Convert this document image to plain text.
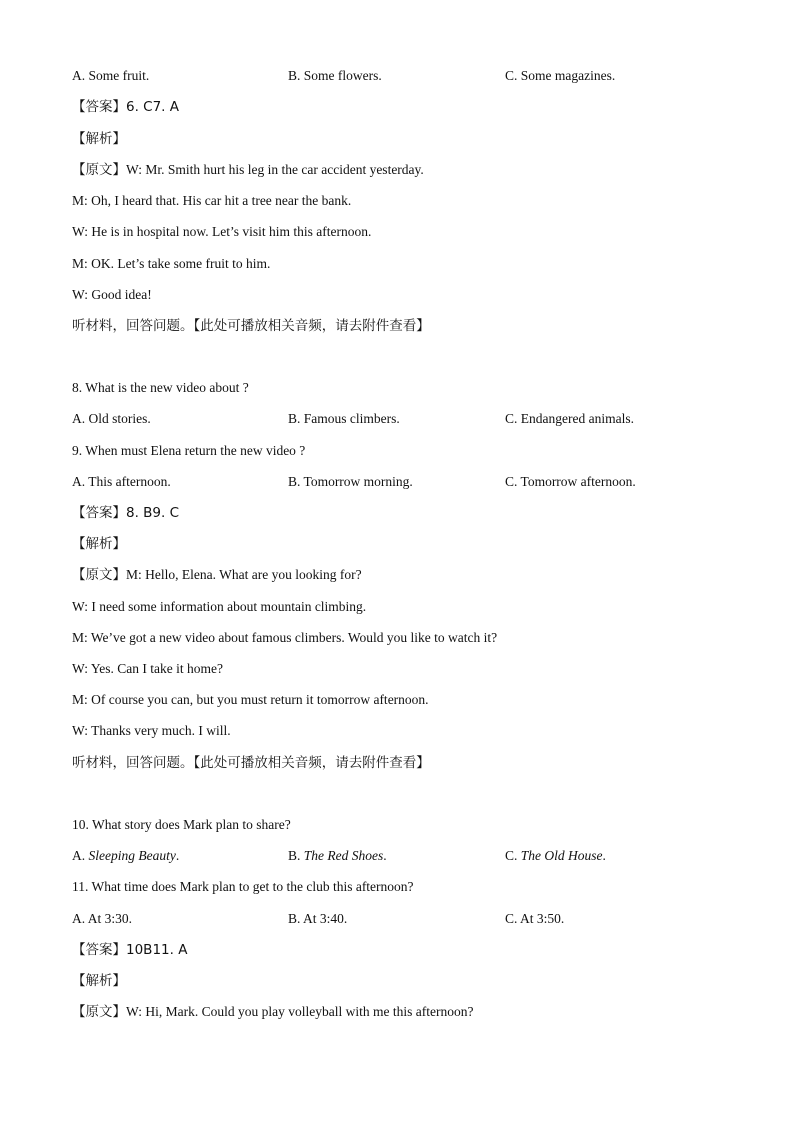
A. Some fruit.	B. Some flowers.	C. Some magazines.
【答案】6. C7. A
【解析】
【原文】W: Mr. Smith hurt his leg in the car accident yesterday.
M: Oh, I heard that. His car hit a tree near the bank.
W: He is in hospital now. Let’s visit him this afternoon.
M: OK. Let’s take some fruit to him.
W: Good idea!
听材料，回答问题。【此处可播放相关音频，请去附件查看】
8. What is the new video about ?
A. Old stories.	B. Famous climbers.	C. Endangered animals.
9. When must Elena return the new video ?
A. This afternoon.	B. Tomorrow morning.	C. Tomorrow afternoon.
【答案】8. B9. C
【解析】
【原文】M: Hello, Elena. What are you looking for?
W: I need some information about mountain climbing.
M: We’ve got a new video about famous climbers. Would you like to watch it?
W: Yes. Can I take it home?
M: Of course you can, but you must return it tomorrow afternoon.
W: Thanks very much. I will.
听材料，回答问题。【此处可播放相关音频，请去附件查看】
10. What story does Mark plan to share?
A. Sleeping Beauty.	B. The Red Shoes.	C. The Old House.
11. What time does Mark plan to get to the club this afternoon?
A. At 3:30.	B. At 3:40.	C. At 3:50.
【答案】10B11. A
【解析】
【原文】W: Hi, Mark. Could you play volleyball with me this afternoon?
